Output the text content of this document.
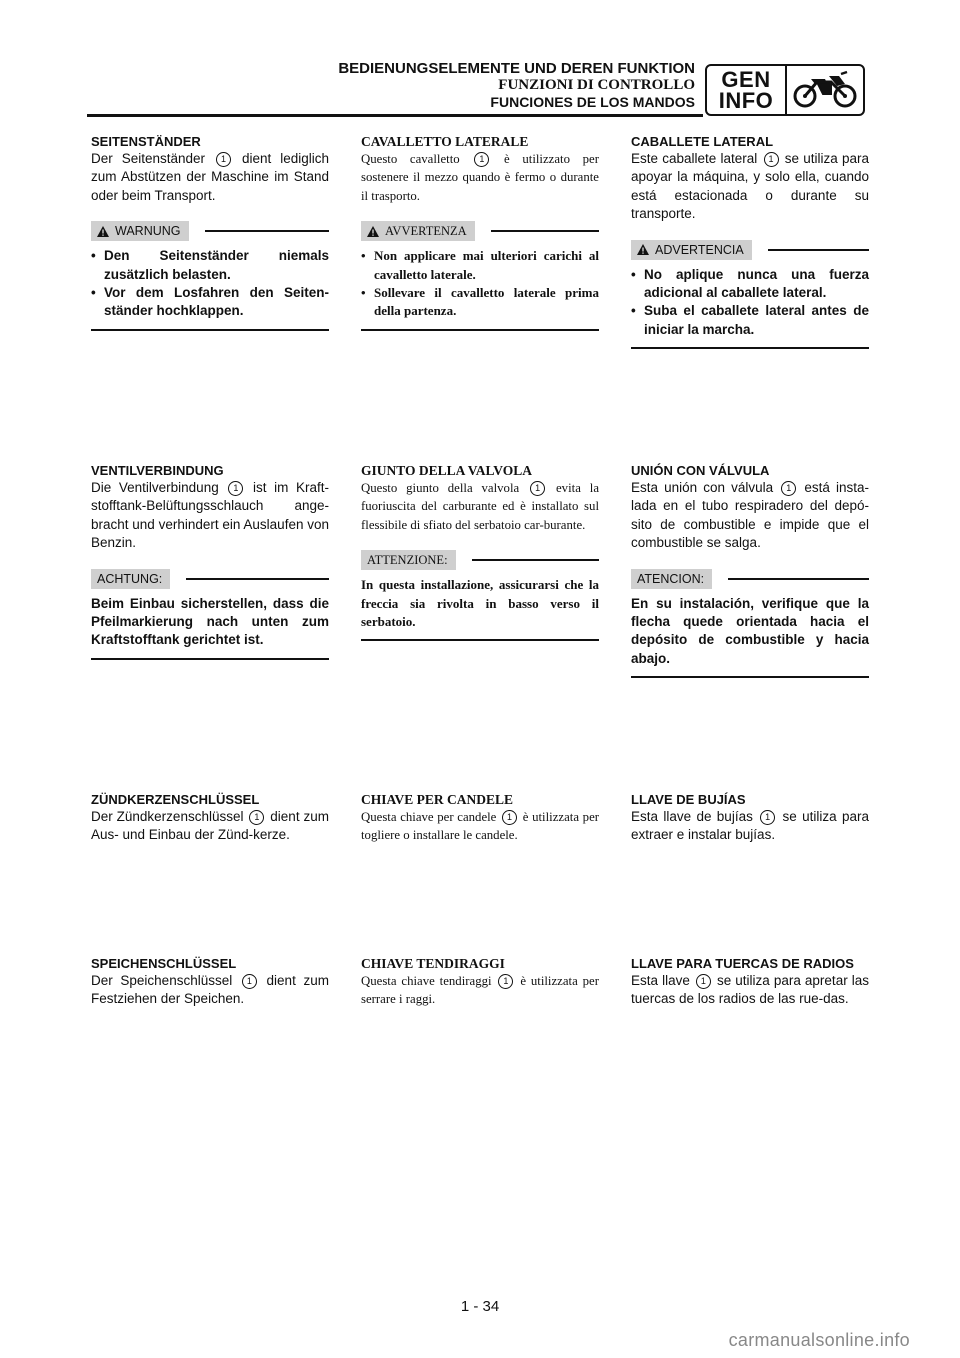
BEDIENUNGSELEMENTE UND DEREN FUNKTION
FUNZIONI DI CONTROLLO
FUNCIONES DE LOS MANDOS
GEN
INFO

SEITENSTÄNDER

Der Seitenständer 1 dient lediglich zum Abstützen der Maschine im Stand oder beim Transport.

WARNUNG
• Den Seitenständer niemals zusätzlich belasten.
• Vor dem Losfahren den Seiten-ständer hochklappen.

VENTILVERBINDUNG

Die Ventilverbindung 1 ist im Kraft-stofftank-Belüftungsschlauch ange-bracht und verhindert ein Auslaufen von Benzin.

ACHTUNG:

Beim Einbau sicherstellen, dass die Pfeilmarkierung nach unten zum Kraftstofftank gerichtet ist.

ZÜNDKERZENSCHLÜSSEL

Der Zündkerzenschlüssel 1 dient zum Aus- und Einbau der Zünd-kerze.

SPEICHENSCHLÜSSEL

Der Speichenschlüssel 1 dient zum Festziehen der Speichen.

CAVALLETTO LATERALE

Questo cavalletto 1 è utilizzato per sostenere il mezzo quando è fermo o durante il trasporto.

AVVERTENZA
• Non applicare mai ulteriori carichi al cavalletto laterale.
• Sollevare il cavalletto laterale prima della partenza.

GIUNTO DELLA VALVOLA

Questo giunto della valvola 1 evita la fuoriuscita del carburante ed è installato sul flessibile di sfiato del serbatoio car-burante.

ATTENZIONE:

In questa installazione, assicurarsi che la freccia sia rivolta in basso verso il serbatoio.

CHIAVE PER CANDELE

Questa chiave per candele 1 è utilizzata per togliere o installare le candele.

CHIAVE TENDIRAGGI

Questa chiave tendiraggi 1 è utilizzata per serrare i raggi.

CABALLETE LATERAL

Este caballete lateral 1 se utiliza para apoyar la máquina, y solo ella, cuando está estacionada o durante su transporte.

ADVERTENCIA
• No aplique nunca una fuerza adicional al caballete lateral.
• Suba el caballete lateral antes de iniciar la marcha.

UNIÓN CON VÁLVULA

Esta unión con válvula 1 está insta-lada en el tubo respiradero del depó-sito de combustible e impide que el combustible se salga.

ATENCION:

En su instalación, verifique que la flecha quede orientada hacia el depósito de combustible y hacia abajo.

LLAVE DE BUJÍAS

Esta llave de bujías 1 se utiliza para extraer e instalar bujías.

LLAVE PARA TUERCAS DE RADIOS

Esta llave 1 se utiliza para apretar las tuercas de los radios de las rue-das.

1 - 34
carmanualsonline.info
